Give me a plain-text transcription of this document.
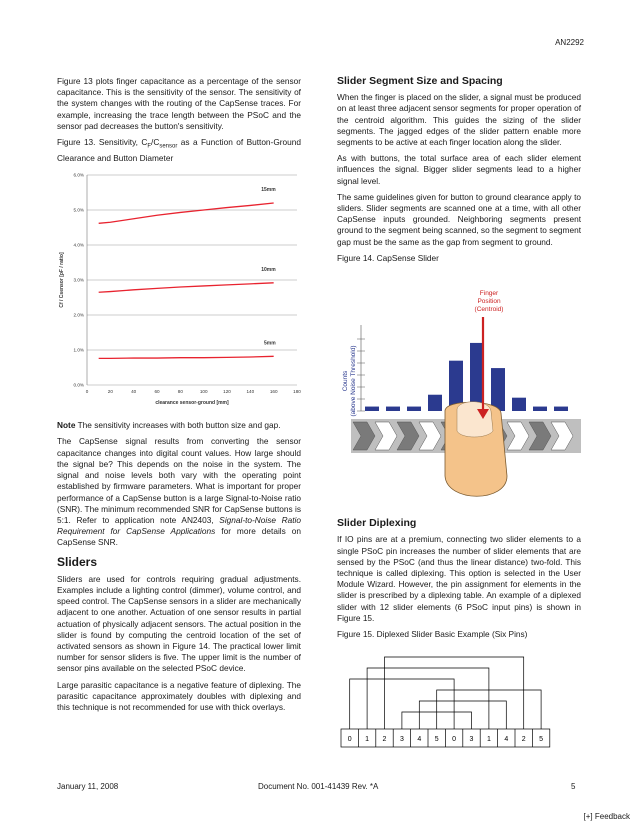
AN2292

Figure 13 plots finger capacitance as a percentage of the sensor capacitance. This is the sensitivity of the sensor. The sensitivity of the system changes with the routing of the CapSense traces. For example, increasing the trace length between the PSoC and the sensor pad decreases the button's sensitivity.

Figure 13. Sensitivity, $C_F/C_{sensor}$ as a Function of Button-Ground Clearance and Button Diameter

0.0%
1.0%
2.0%
3.0%
4.0%
5.0%
6.0%
0	20	40	60	80	100	120	140	160	180
clearance sensor-ground [mm]
Cf / Csensor [pF / ratio]
15mm
10mm
5mm

Note The sensitivity increases with both button size and gap.

The CapSense signal results from converting the sensor capacitance changes into digital count values. How large should the signal be? This depends on the noise in the system. The signal and noise levels both vary with the operating point established by firmware parameters. What is important for proper performance of a CapSense button is a large Signal-to-Noise ratio (SNR). The minimum recommended SNR for CapSense buttons is 5:1. Refer to application note AN2403, Signal-to-Noise Ratio Requirement for CapSense Applications for more details on CapSense SNR.

Sliders

Sliders are used for controls requiring gradual adjustments. Examples include a lighting control (dimmer), volume control, and speed control. The CapSense sensors in a slider are mechanically adjacent to one another. Actuation of one sensor results in partial actuation of physically adjacent sensors. The actual position in the slider is found by computing the centroid location of the set of activated sensors as shown in Figure 14. The practical lower limit number for sensor sliders is five. The upper limit is the number of sensor pins available on the selected PSoC device.

Large parasitic capacitance is a negative feature of diplexing. The parasitic capacitance approximately doubles with diplexing and this technique is not recommended for use with thick overlays.

Slider Segment Size and Spacing

When the finger is placed on the slider, a signal must be produced on at least three adjacent sensor segments for proper operation of the centroid algorithm. This guides the sizing of the slider segments. The jagged edges of the slider pattern enable more segments to be active at each finger location along the slider.

As with buttons, the total surface area of each slider element influences the signal. Bigger slider segments lead to a higher signal level.

The same guidelines given for button to ground clearance apply to sliders. Slider segments are scanned one at a time, with all other CapSense inputs grounded. Neighboring segments present ground to the segment being scanned, so the segment to segment gap must be the same as the gap from segment to ground.

Figure 14. CapSense Slider

Finger
Position
(Centroid)
Counts (above Noise Threshold)
Slider Diplexing

If IO pins are at a premium, connecting two slider elements to a single PSoC pin increases the number of slider elements that are sensed by the PSoC (and thus the linear distance) two-fold. This technique is called diplexing. This option is selected in the User Module Wizard. However, the pin assignment for elements in the slider is prescribed by a diplexing table. An example of a diplexed slider with 12 slider elements (6 PSoC input pins) is shown in Figure 15.

Figure 15. Diplexed Slider Basic Example (Six Pins)

0 1 2 3 4 5 0 3 1 4 2 5
January 11, 2008	Document No. 001-41439 Rev. *A	5
[+] Feedback
